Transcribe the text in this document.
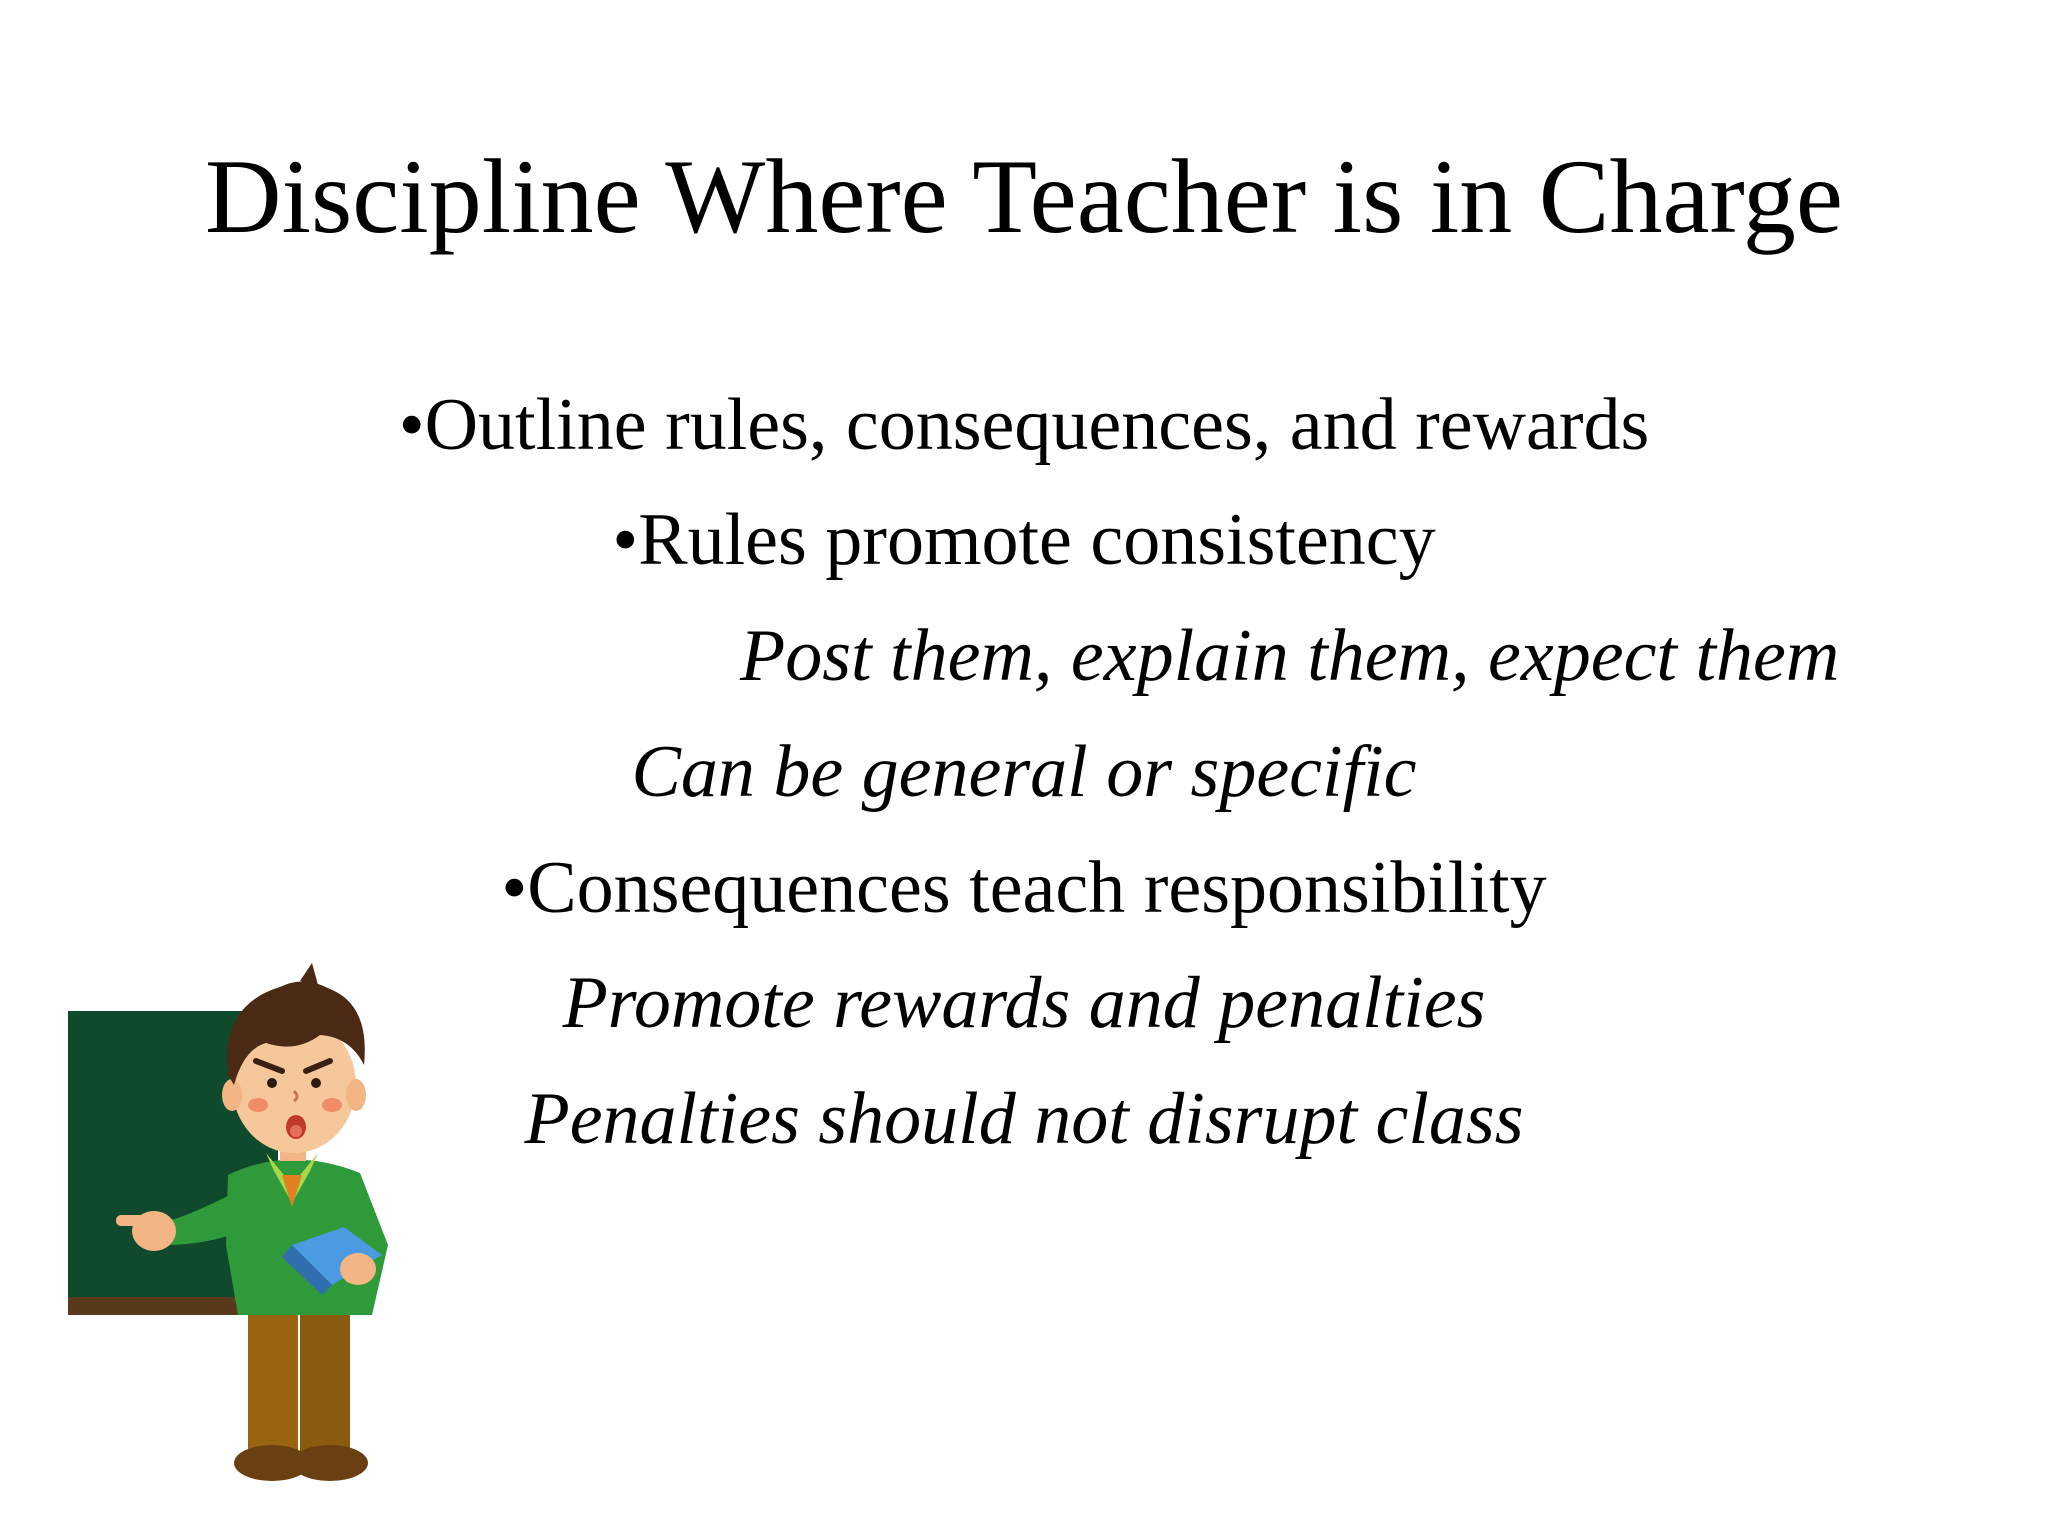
Discipline Where Teacher is in Charge
•Outline rules, consequences, and rewards
•Rules promote consistency
Post them, explain them, expect them
Can be general or specific
•Consequences teach responsibility
Promote rewards and penalties
Penalties should not disrupt class
